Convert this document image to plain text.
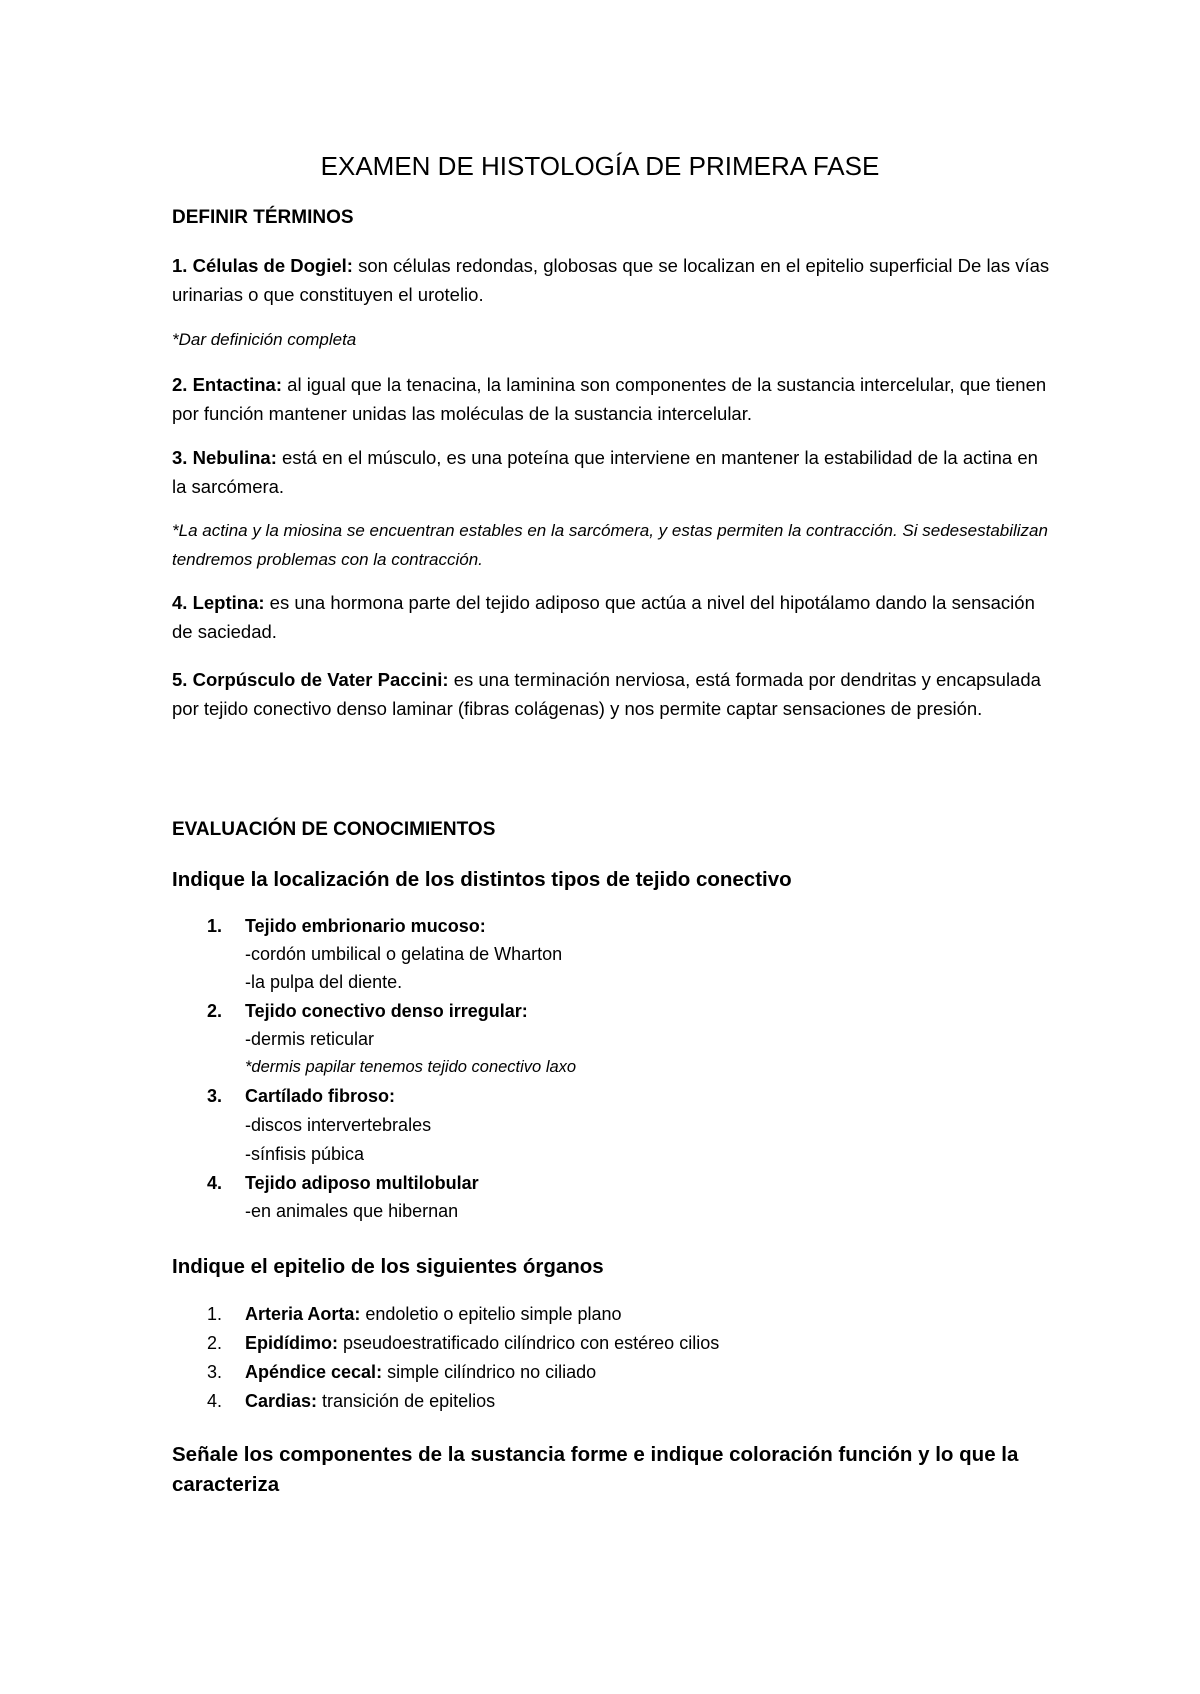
EXAMEN DE HISTOLOGÍA DE PRIMERA FASE
DEFINIR TÉRMINOS
1. Células de Dogiel: son células redondas, globosas que se localizan en el epitelio superficial De las vías urinarias o que constituyen el urotelio.
*Dar definición completa
2. Entactina: al igual que la tenacina, la laminina son componentes de la sustancia intercelular, que tienen por función mantener unidas las moléculas de la sustancia intercelular.
3. Nebulina: está en el músculo, es una poteína que interviene en mantener la estabilidad de la actina en la sarcómera.
*La actina y la miosina se encuentran estables en la sarcómera, y estas permiten la contracción. Si sedesestabilizan tendremos problemas con la contracción.
4. Leptina: es una hormona parte del tejido adiposo que actúa a nivel del hipotálamo dando la sensación de saciedad.
5. Corpúsculo de Vater Paccini: es una terminación nerviosa, está formada por dendritas y encapsulada por tejido conectivo denso laminar (fibras colágenas) y nos permite captar sensaciones de presión.
EVALUACIÓN DE CONOCIMIENTOS
Indique la localización de los distintos tipos de tejido conectivo
1. Tejido embrionario mucoso:
-cordón umbilical o gelatina de Wharton
-la pulpa del diente.
2. Tejido conectivo denso irregular:
-dermis reticular
*dermis papilar tenemos tejido conectivo laxo
3. Cartílado fibroso:
-discos intervertebrales
-sínfisis púbica
4. Tejido adiposo multilobular
-en animales que hibernan
Indique el epitelio de los siguientes órganos
1. Arteria Aorta: endoletio o epitelio simple plano
2. Epidídimo: pseudoestratificado cilíndrico con estéreo cilios
3. Apéndice cecal: simple cilíndrico no ciliado
4. Cardias: transición de epitelios
Señale los componentes de la sustancia forme e indique coloración función y lo que la caracteriza
